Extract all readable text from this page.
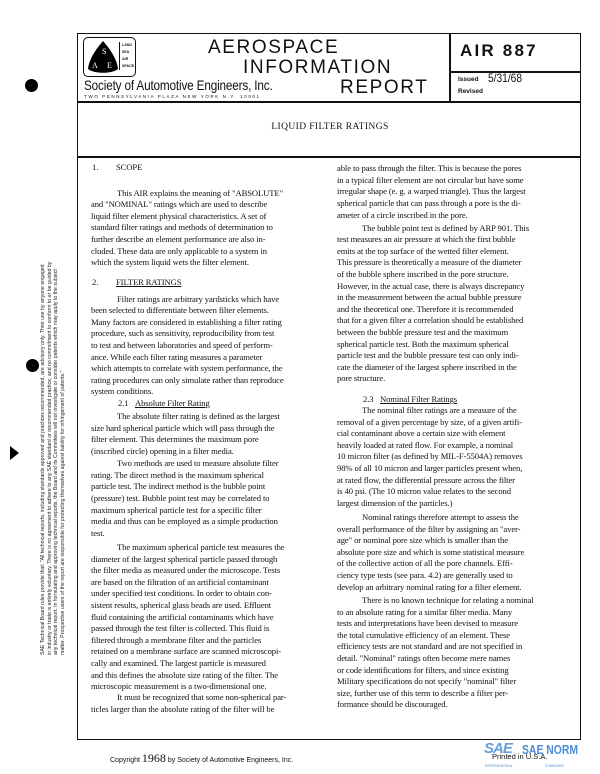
SAE Technical Board rules provide that: "All technical reports, including standards approved and practices recommended, are advisory only. Their use by anyone engaged in industry or trade is entirely voluntary. There is no agreement to adhere to any SAE standard or recommended practice, and no commitment to conform to or be guided by any technical report. In formulating and approving technical reports, the Board and its Committees will not investigate or consider patents which may apply to the subject matter. Prospective users of the report are responsible for protecting themselves against liability for infringement of patents."
S
A E
LAND
SEA
AIR
SPACE
AEROSPACE
INFORMATION
REPORT
Society of Automotive Engineers, Inc.
TWO PENNSYLVANIA PLAZA NEW YORK N.Y. 10001
AIR 887
Issued 5/31/68
Revised
LIQUID FILTER RATINGS
1. SCOPE
This AIR explains the meaning of "ABSOLUTE"
and "NOMINAL" ratings which are used to describe
liquid filter element physical characteristics. A set of
standard filter ratings and methods of determination to
further describe an element performance are also in-
cluded. These data are only applicable to a system in
which the system liquid wets the filter element.
2. FILTER RATINGS
Filter ratings are arbitrary yardsticks which have
been selected to differentiate between filter elements.
Many factors are considered in establishing a filter rating
procedure, such as sensitivity, reproducibility from test
to test and between laboratories and speed of perform-
ance. While each filter rating measures a parameter
which attempts to correlate with system performance, the
rating procedures can only simulate rather than reproduce
system conditions.
2.1 Absolute Filter Rating
The absolute filter rating is defined as the largest
size hard spherical particle which will pass through the
filter element. This determines the maximum pore
(inscribed circle) opening in a filter media.
Two methods are used to measure absolute filter
rating. The direct method is the maximum spherical
particle test. The indirect method is the bubble point
(pressure) test. Bubble point test may be correlated to
maximum spherical particle test for a specific filter
media and thus can be employed as a simple production
test.
The maximum spherical particle test measures the
diameter of the largest spherical particle passed through
the filter media as measured under the microscope. Tests
are based on the filtration of an artificial contaminant
under specified test conditions. In order to obtain con-
sistent results, spherical glass beads are used. Effluent
fluid containing the artificial contaminants which have
passed through the test filter is collected. This fluid is
filtered through a membrane filter and the particles
retained on a membrane surface are scanned microscopi-
cally and examined. The largest particle is measured
and this defines the absolute size rating of the filter. The
microscopic measurement is a two-dimensional one.
It must be recognized that some non-spherical par-
ticles larger than the absolute rating of the filter will be
able to pass through the filter. This is because the pores
in a typical filter element are not circular but have some
irregular shape (e. g. a warped triangle). Thus the largest
spherical particle that can pass through a pore is the di-
ameter of a circle inscribed in the pore.
The bubble point test is defined by ARP 901. This
test measures an air pressure at which the first bubble
emits at the top surface of the wetted filter element.
This pressure is theoretically a measure of the diameter
of the bubble sphere inscribed in the pore structure.
However, in the actual case, there is always discrepancy
in the measurement between the actual bubble pressure
and the theoretical one. Therefore it is recommended
that for a given filter a correlation should be established
between the bubble pressure test and the maximum
spherical particle test. Both the maximum spherical
particle test and the bubble pressure test can only indi-
cate the diameter of the largest sphere inscribed in the
pore structure.
2.3 Nominal Filter Ratings
The nominal filter ratings are a measure of the
removal of a given percentage by size, of a given artifi-
cial contaminant above a certain size with element
heavily loaded at rated flow. For example, a nominal
10 micron filter (as defined by MIL-F-5504A) removes
98% of all 10 micron and larger particles present when,
at rated flow, the differential pressure across the filter
is 40 psi. (The 10 micron value relates to the second
largest dimension of the particles.)
Nominal ratings therefore attempt to assess the
overall performance of the filter by assigning an "aver-
age" or nominal pore size which is smaller than the
absolute pore size and which is some statistical measure
of the collective action of all the pore channels. Effi-
ciency type tests (see para. 4.2) are generally used to
develop an arbitrary nominal rating for a filter element.
There is no known technique for relating a nominal
to an absolute rating for a similar filter media. Many
tests and interpretations have been devised to measure
the total cumulative efficiency of an element. These
efficiency tests are not standard and are not specified in
detail. "Nominal" ratings often become mere names
or code identifications for filters, and since existing
Military specifications do not specify "nominal" filter
size, further use of this term to describe a filter per-
formance should be discouraged.
Copyright 1968 by Society of Automotive Engineers, Inc.
SAE SAE NORM
INTERNATIONAL	STANDARD
Printed in U.S.A.
